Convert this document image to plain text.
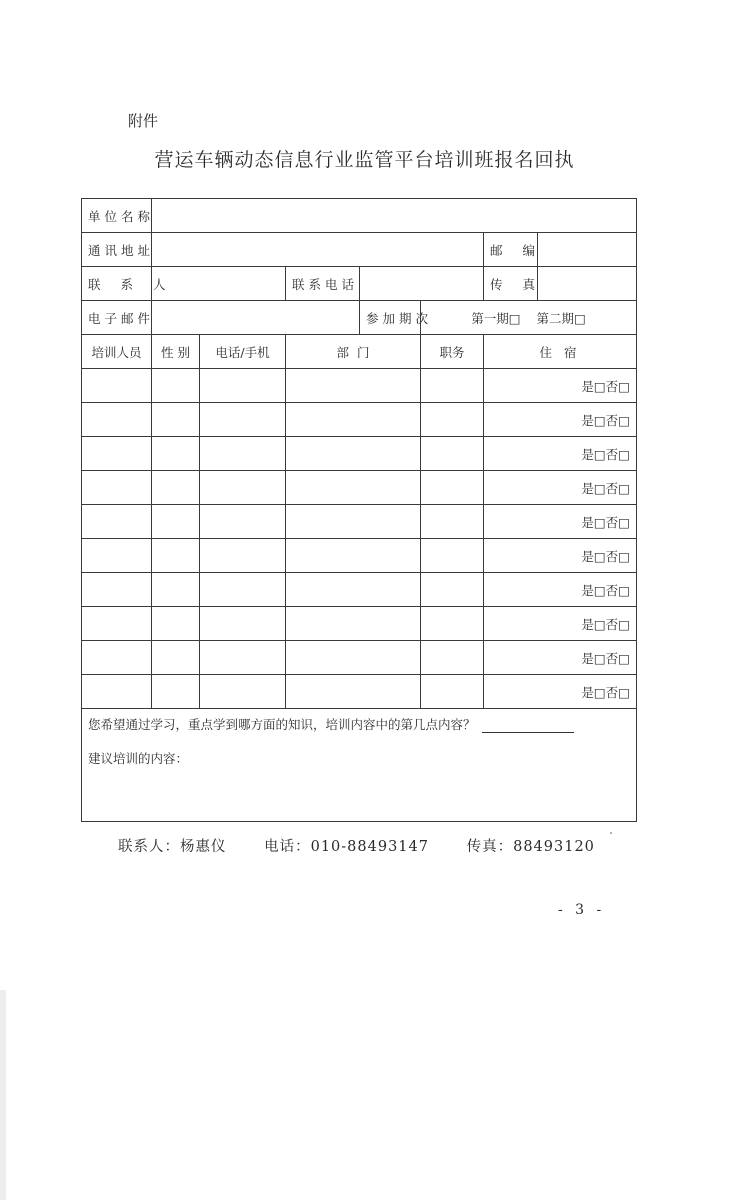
附件
营运车辆动态信息行业监管平台培训班报名回执
单位名称							
通讯地址						邮 编	
联 系 人			联系电话			传 真	
电子邮件				参加期次	第一期□    第二期□		
培训人员	性 别	电话/手机	部  门		职务	住 宿	
						是□否□	
						是□否□	
						是□否□	
						是□否□	
						是□否□	
						是□否□	
						是□否□	
						是□否□	
						是□否□	
						是□否□	

您希望通过学习，重点学到哪方面的知识，培训内容中的第几点内容？
建议培训的内容：							
联系人：杨惠仪	电话：010-88493147	传真：88493120
- 3 -
